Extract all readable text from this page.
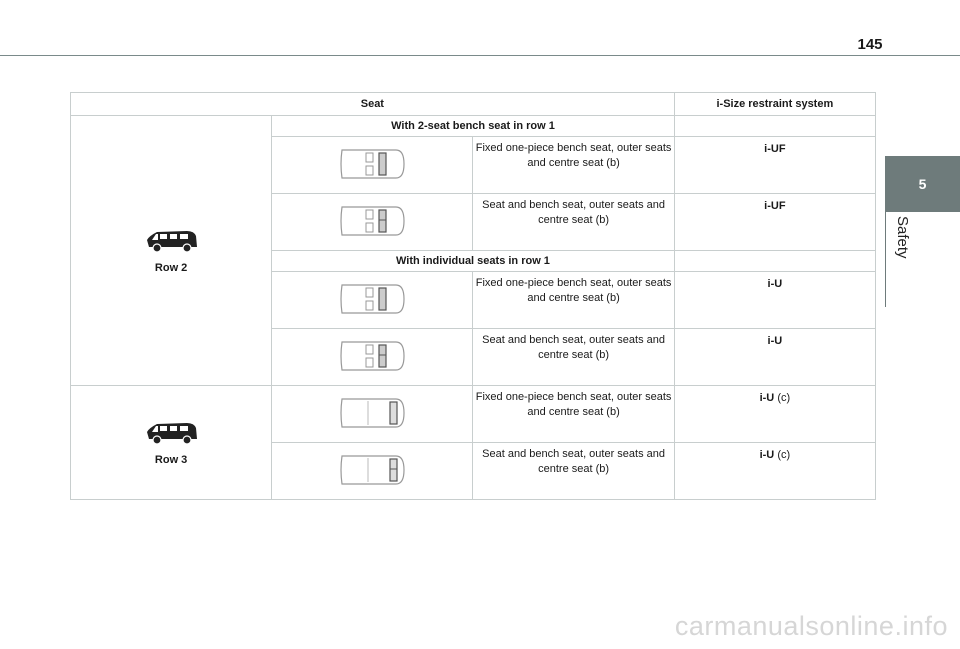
145
5
Safety
Seat			i-Size restraint system

Row 2	With 2-seat bench seat in row 1		
	Fixed one-piece bench seat, outer seats and centre seat (b)	i-UF
	Seat and bench seat, outer seats and centre seat (b)	i-UF
	With individual seats in row 1		
	Fixed one-piece bench seat, outer seats and centre seat (b)	i-U
	Seat and bench seat, outer seats and centre seat (b)	i-U

Row 3		Fixed one-piece bench seat, outer seats and centre seat (b)	i-U (c)
	Seat and bench seat, outer seats and centre seat (b)	i-U (c)
carmanualsonline.info
